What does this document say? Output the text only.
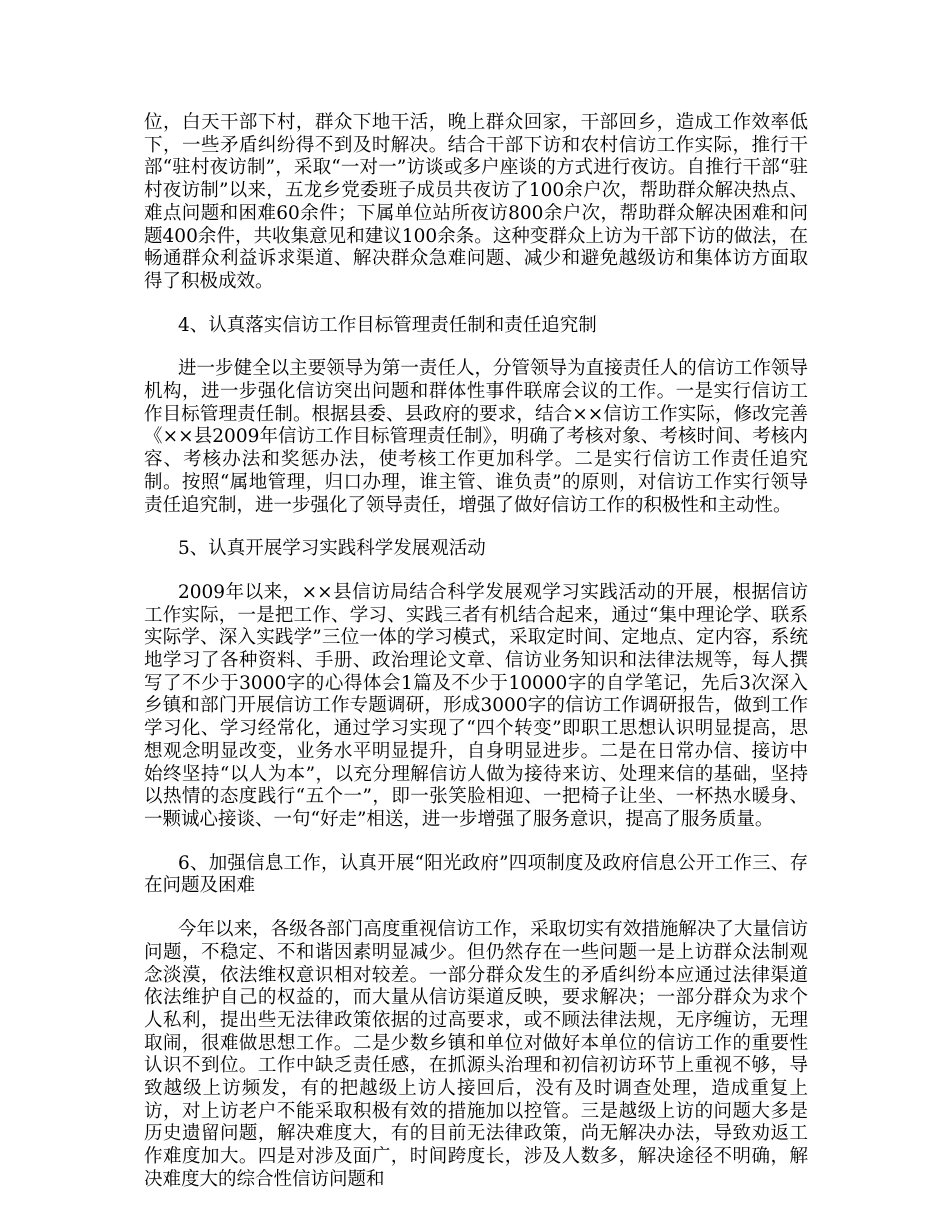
位，白天干部下村，群众下地干活，晚上群众回家，干部回乡，造成工作效率低下，一些矛盾纠纷得不到及时解决。结合干部下访和农村信访工作实际，推行干部“驻村夜访制”，采取“一对一”访谈或多户座谈的方式进行夜访。自推行干部“驻村夜访制”以来，五龙乡党委班子成员共夜访了100余户次，帮助群众解决热点、难点问题和困难60余件；下属单位站所夜访800余户次，帮助群众解决困难和问题400余件，共收集意见和建议100余条。这种变群众上访为干部下访的做法，在畅通群众利益诉求渠道、解决群众急难问题、减少和避免越级访和集体访方面取得了积极成效。

4、认真落实信访工作目标管理责任制和责任追究制

进一步健全以主要领导为第一责任人，分管领导为直接责任人的信访工作领导机构，进一步强化信访突出问题和群体性事件联席会议的工作。一是实行信访工作目标管理责任制。根据县委、县政府的要求，结合××信访工作实际，修改完善《××县2009年信访工作目标管理责任制》，明确了考核对象、考核时间、考核内容、考核办法和奖惩办法，使考核工作更加科学。二是实行信访工作责任追究制。按照“属地管理，归口办理，谁主管、谁负责”的原则，对信访工作实行领导责任追究制，进一步强化了领导责任，增强了做好信访工作的积极性和主动性。

5、认真开展学习实践科学发展观活动

2009年以来，××县信访局结合科学发展观学习实践活动的开展，根据信访工作实际，一是把工作、学习、实践三者有机结合起来，通过“集中理论学、联系实际学、深入实践学”三位一体的学习模式，采取定时间、定地点、定内容，系统地学习了各种资料、手册、政治理论文章、信访业务知识和法律法规等，每人撰写了不少于3000字的心得体会1篇及不少于10000字的自学笔记，先后3次深入乡镇和部门开展信访工作专题调研，形成3000字的信访工作调研报告，做到工作学习化、学习经常化，通过学习实现了“四个转变”即职工思想认识明显提高，思想观念明显改变，业务水平明显提升，自身明显进步。二是在日常办信、接访中始终坚持“以人为本”，以充分理解信访人做为接待来访、处理来信的基础，坚持以热情的态度践行“五个一”，即一张笑脸相迎、一把椅子让坐、一杯热水暖身、一颗诚心接谈、一句“好走”相送，进一步增强了服务意识，提高了服务质量。

6、加强信息工作，认真开展“阳光政府”四项制度及政府信息公开工作三、存在问题及困难

今年以来，各级各部门高度重视信访工作，采取切实有效措施解决了大量信访问题，不稳定、不和谐因素明显减少。但仍然存在一些问题一是上访群众法制观念淡漠，依法维权意识相对较差。一部分群众发生的矛盾纠纷本应通过法律渠道依法维护自己的权益的，而大量从信访渠道反映，要求解决；一部分群众为求个人私利，提出些无法律政策依据的过高要求，或不顾法律法规，无序缠访，无理取闹，很难做思想工作。二是少数乡镇和单位对做好本单位的信访工作的重要性认识不到位。工作中缺乏责任感，在抓源头治理和初信初访环节上重视不够，导致越级上访频发，有的把越级上访人接回后，没有及时调查处理，造成重复上访，对上访老户不能采取积极有效的措施加以控管。三是越级上访的问题大多是历史遗留问题，解决难度大，有的目前无法律政策，尚无解决办法，导致劝返工作难度加大。四是对涉及面广，时间跨度长，涉及人数多，解决途径不明确，解决难度大的综合性信访问题和
